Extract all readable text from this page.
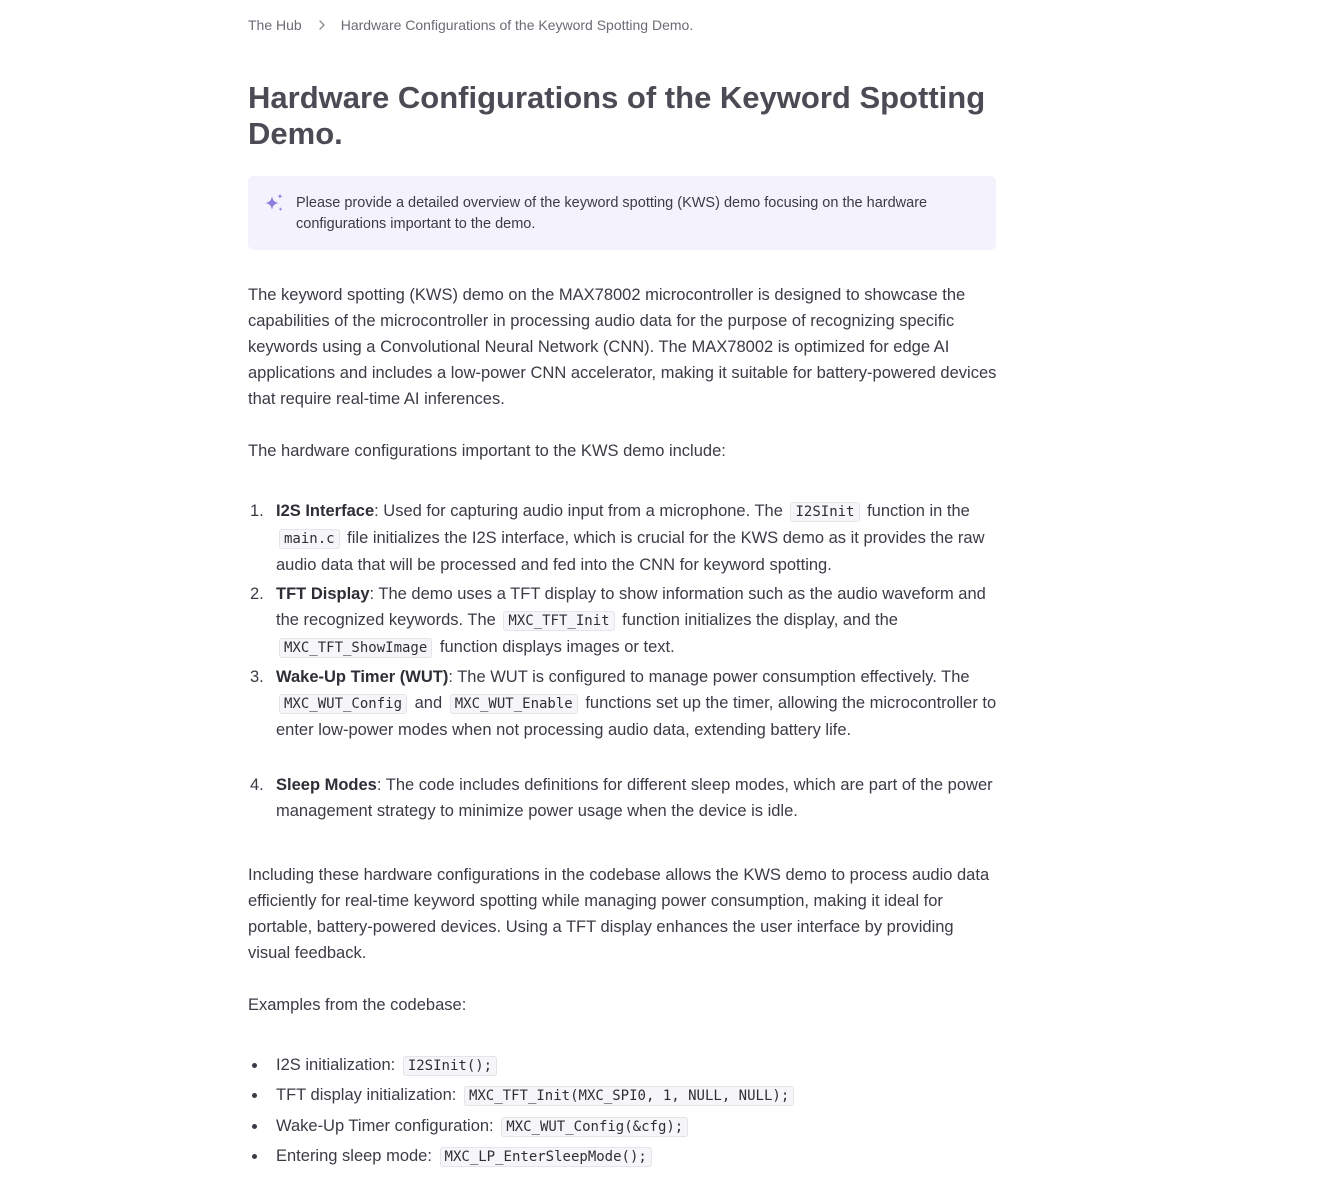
The Hub	Hardware Configurations of the Keyword Spotting Demo.
Hardware Configurations of the Keyword Spotting Demo.
Please provide a detailed overview of the keyword spotting (KWS) demo focusing on the hardware configurations important to the demo.

The keyword spotting (KWS) demo on the MAX78002 microcontroller is designed to showcase the capabilities of the microcontroller in processing audio data for the purpose of recognizing specific keywords using a Convolutional Neural Network (CNN). The MAX78002 is optimized for edge AI applications and includes a low-power CNN accelerator, making it suitable for battery-powered devices that require real-time AI inferences.

The hardware configurations important to the KWS demo include:

1. I2S Interface: Used for capturing audio input from a microphone. The I2SInit function in the main.c file initializes the I2S interface, which is crucial for the KWS demo as it provides the raw audio data that will be processed and fed into the CNN for keyword spotting.
2. TFT Display: The demo uses a TFT display to show information such as the audio waveform and the recognized keywords. The MXC_TFT_Init function initializes the display, and the MXC_TFT_ShowImage function displays images or text.
3. Wake-Up Timer (WUT): The WUT is configured to manage power consumption effectively. The MXC_WUT_Config and MXC_WUT_Enable functions set up the timer, allowing the microcontroller to enter low-power modes when not processing audio data, extending battery life.
4. Sleep Modes: The code includes definitions for different sleep modes, which are part of the power management strategy to minimize power usage when the device is idle.

Including these hardware configurations in the codebase allows the KWS demo to process audio data efficiently for real-time keyword spotting while managing power consumption, making it ideal for portable, battery-powered devices. Using a TFT display enhances the user interface by providing visual feedback.

Examples from the codebase:

I2S initialization: I2SInit();
TFT display initialization: MXC_TFT_Init(MXC_SPI0, 1, NULL, NULL);
Wake-Up Timer configuration: MXC_WUT_Config(&cfg);
Entering sleep mode: MXC_LP_EnterSleepMode();
